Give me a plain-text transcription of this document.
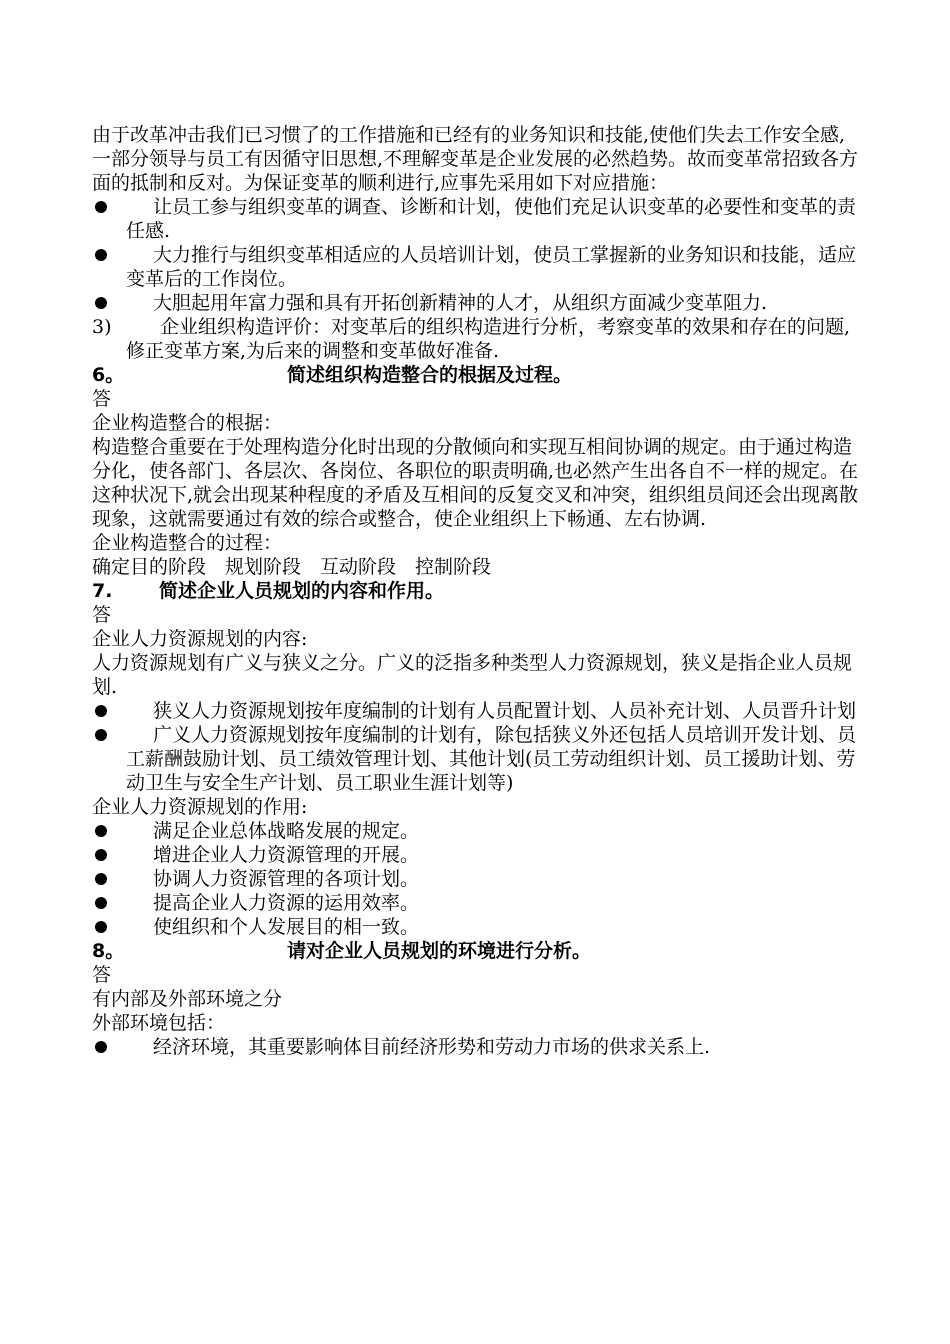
由于改革冲击我们已习惯了的工作措施和已经有的业务知识和技能,使他们失去工作安全感,一部分领导与员工有因循守旧思想,不理解变革是企业发展的必然趋势。故而变革常招致各方面的抵制和反对。为保证变革的顺利进行,应事先采用如下对应措施：

让员工参与组织变革的调查、诊断和计划，使他们充足认识变革的必要性和变革的责任感.
大力推行与组织变革相适应的人员培训计划，使员工掌握新的业务知识和技能，适应变革后的工作岗位。
大胆起用年富力强和具有开拓创新精神的人才，从组织方面减少变革阻力.
3)	企业组织构造评价：对变革后的组织构造进行分析，考察变革的效果和存在的问题,修正变革方案,为后来的调整和变革做好准备.
6。	简述组织构造整合的根据及过程。

答

企业构造整合的根据：

构造整合重要在于处理构造分化时出现的分散倾向和实现互相间协调的规定。由于通过构造分化，使各部门、各层次、各岗位、各职位的职责明确,也必然产生出各自不一样的规定。在这种状况下,就会出现某种程度的矛盾及互相间的反复交叉和冲突，组织组员间还会出现离散现象，这就需要通过有效的综合或整合，使企业组织上下畅通、左右协调.

企业构造整合的过程：

确定目的阶段　规划阶段　互动阶段　控制阶段

7. 简述企业人员规划的内容和作用。

答

企业人力资源规划的内容:

人力资源规划有广义与狭义之分。广义的泛指多种类型人力资源规划，狭义是指企业人员规划.

狭义人力资源规划按年度编制的计划有人员配置计划、人员补充计划、人员晋升计划
广义人力资源规划按年度编制的计划有，除包括狭义外还包括人员培训开发计划、员工薪酬鼓励计划、员工绩效管理计划、其他计划(员工劳动组织计划、员工援助计划、劳动卫生与安全生产计划、员工职业生涯计划等)

企业人力资源规划的作用:

满足企业总体战略发展的规定。
增进企业人力资源管理的开展。
协调人力资源管理的各项计划。
提高企业人力资源的运用效率。
使组织和个人发展目的相一致。
8。	请对企业人员规划的环境进行分析。

答

有内部及外部环境之分

外部环境包括：

经济环境，其重要影响体目前经济形势和劳动力市场的供求关系上.
